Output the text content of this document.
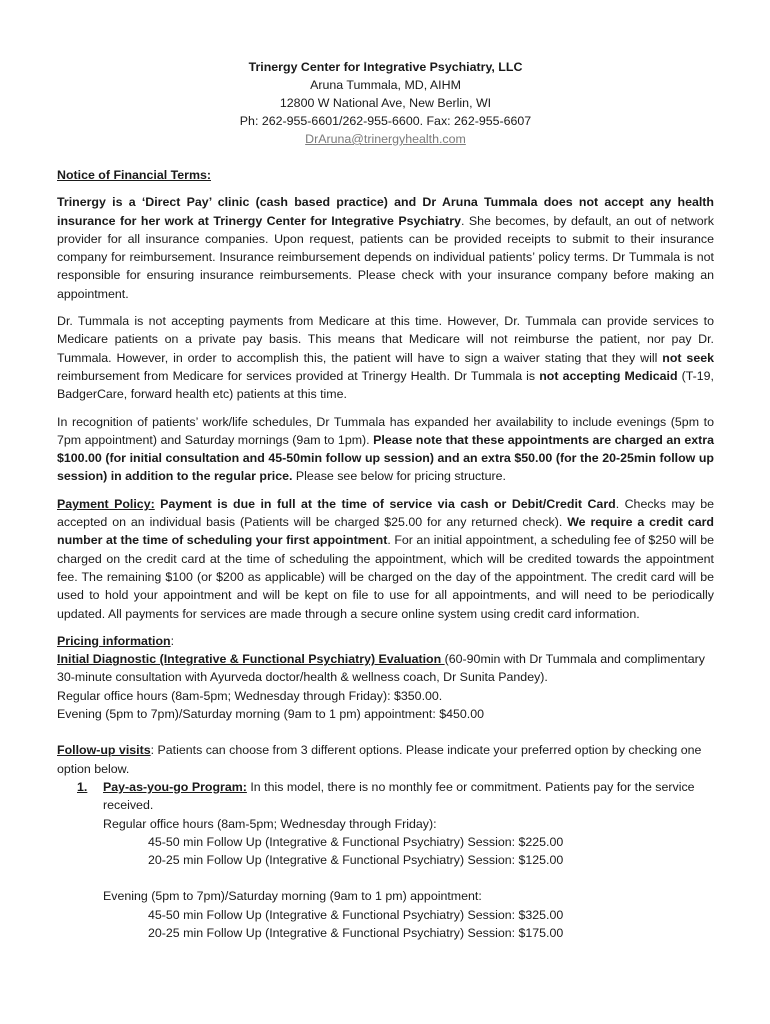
Trinergy Center for Integrative Psychiatry, LLC
Aruna Tummala, MD, AIHM
12800 W National Ave, New Berlin, WI
Ph: 262-955-6601/262-955-6600. Fax: 262-955-6607
DrAruna@trinergyhealth.com
Notice of Financial Terms:

Trinergy is a ‘Direct Pay’ clinic (cash based practice) and Dr Aruna Tummala does not accept any health insurance for her work at Trinergy Center for Integrative Psychiatry. She becomes, by default, an out of network provider for all insurance companies. Upon request, patients can be provided receipts to submit to their insurance company for reimbursement. Insurance reimbursement depends on individual patients’ policy terms. Dr Tummala is not responsible for ensuring insurance reimbursements. Please check with your insurance company before making an appointment.

Dr. Tummala is not accepting payments from Medicare at this time. However, Dr. Tummala can provide services to Medicare patients on a private pay basis. This means that Medicare will not reimburse the patient, nor pay Dr. Tummala. However, in order to accomplish this, the patient will have to sign a waiver stating that they will not seek reimbursement from Medicare for services provided at Trinergy Health. Dr Tummala is not accepting Medicaid (T-19, BadgerCare, forward health etc) patients at this time.

In recognition of patients’ work/life schedules, Dr Tummala has expanded her availability to include evenings (5pm to 7pm appointment) and Saturday mornings (9am to 1pm). Please note that these appointments are charged an extra $100.00 (for initial consultation and 45-50min follow up session) and an extra $50.00 (for the 20-25min follow up session) in addition to the regular price. Please see below for pricing structure.

Payment Policy: Payment is due in full at the time of service via cash or Debit/Credit Card. Checks may be accepted on an individual basis (Patients will be charged $25.00 for any returned check). We require a credit card number at the time of scheduling your first appointment. For an initial appointment, a scheduling fee of $250 will be charged on the credit card at the time of scheduling the appointment, which will be credited towards the appointment fee. The remaining $100 (or $200 as applicable) will be charged on the day of the appointment. The credit card will be used to hold your appointment and will be kept on file to use for all appointments, and will need to be periodically updated. All payments for services are made through a secure online system using credit card information.

Pricing information:
Initial Diagnostic (Integrative & Functional Psychiatry) Evaluation (60-90min with Dr Tummala and complimentary 30-minute consultation with Ayurveda doctor/health & wellness coach, Dr Sunita Pandey).
Regular office hours (8am-5pm; Wednesday through Friday): $350.00.
Evening (5pm to 7pm)/Saturday morning (9am to 1 pm) appointment: $450.00
Follow-up visits: Patients can choose from 3 different options. Please indicate your preferred option by checking one option below.
1.	Pay-as-you-go Program: In this model, there is no monthly fee or commitment. Patients pay for the service received.
Regular office hours (8am-5pm; Wednesday through Friday):
45-50 min Follow Up (Integrative & Functional Psychiatry) Session: $225.00
20-25 min Follow Up (Integrative & Functional Psychiatry) Session: $125.00
Evening (5pm to 7pm)/Saturday morning (9am to 1 pm) appointment:
45-50 min Follow Up (Integrative & Functional Psychiatry) Session: $325.00
20-25 min Follow Up (Integrative & Functional Psychiatry) Session: $175.00
